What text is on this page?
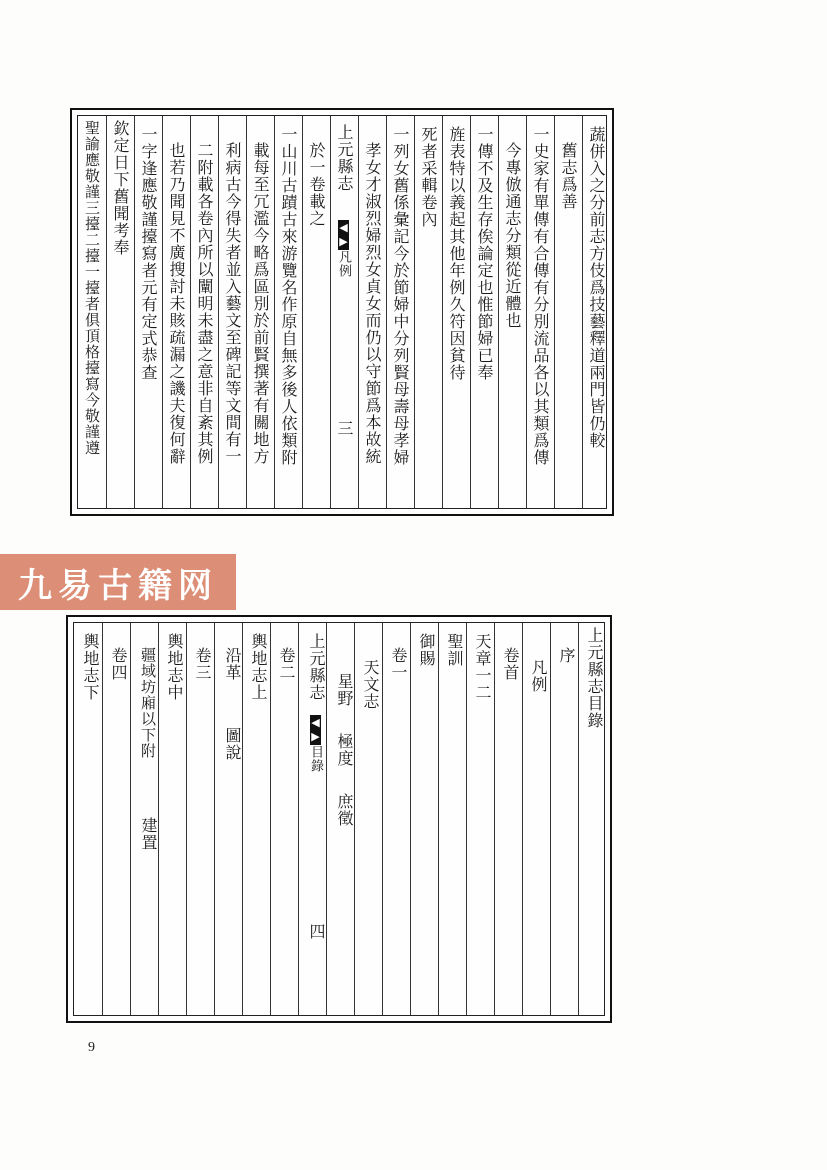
蔬併入之分前志方伎爲技藝釋道兩門皆仍較
舊志爲善
一史家有單傳有合傳有分別流品各以其類爲傳
今專倣通志分類從近體也
一傳不及生存俟論定也惟節婦已奉
旌表特以義起其他年例久符因貧待
死者采輯卷內
上元縣志
◀▶凡例
三 一列女舊係彙記今於節婦中分列賢母壽母孝婦
孝女才淑烈婦烈女貞女而仍以守節爲本故統
於一卷載之
一山川古蹟古來游覽名作原自無多後人依類附
載每至冗濫今略爲區別於前賢撰著有關地方
利病古今得失者並入藝文至碑記等文間有一
二附載各卷內所以闡明未盡之意非自紊其例
也若乃聞見不廣搜討未賅疏漏之譏夫復何辭
一字逢應敬謹擡寫者元有定式恭查
欽定日下舊聞考奉
聖諭應敬謹三擡二擡一擡者俱頂格擡寫今敬謹遵
九易古籍网
上元縣志目錄
序
凡例
卷首
天章一二
聖訓
御賜
卷一
天文志
星野
極度
庶徵
上元縣志
◀▶目錄
四
卷二
輿地志上
沿革
圖說
卷三
輿地志中
疆域坊廂以下附
建置
卷四
輿地志下
9
